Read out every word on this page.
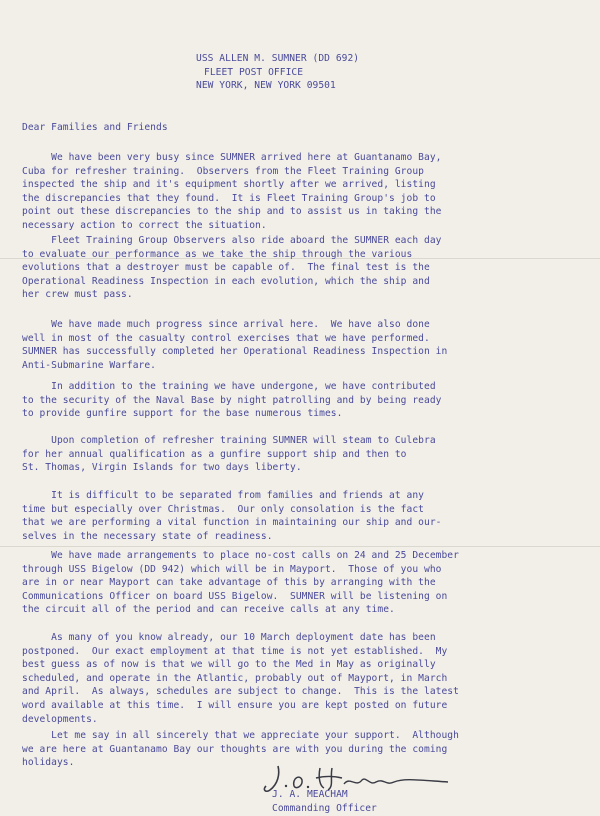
USS ALLEN M. SUMNER (DD 692)
FLEET POST OFFICE
NEW YORK, NEW YORK 09501
Dear Families and Friends
We have been very busy since SUMNER arrived here at Guantanamo Bay,
Cuba for refresher training.  Observers from the Fleet Training Group
inspected the ship and it's equipment shortly after we arrived, listing
the discrepancies that they found.  It is Fleet Training Group's job to
point out these discrepancies to the ship and to assist us in taking the
necessary action to correct the situation.
Fleet Training Group Observers also ride aboard the SUMNER each day
to evaluate our performance as we take the ship through the various
evolutions that a destroyer must be capable of.  The final test is the
Operational Readiness Inspection in each evolution, which the ship and
her crew must pass.
We have made much progress since arrival here.  We have also done
well in most of the casualty control exercises that we have performed.
SUMNER has successfully completed her Operational Readiness Inspection in
Anti-Submarine Warfare.
In addition to the training we have undergone, we have contributed
to the security of the Naval Base by night patrolling and by being ready
to provide gunfire support for the base numerous times.
Upon completion of refresher training SUMNER will steam to Culebra
for her annual qualification as a gunfire support ship and then to
St. Thomas, Virgin Islands for two days liberty.
It is difficult to be separated from families and friends at any
time but especially over Christmas.  Our only consolation is the fact
that we are performing a vital function in maintaining our ship and our-
selves in the necessary state of readiness.
We have made arrangements to place no-cost calls on 24 and 25 December
through USS Bigelow (DD 942) which will be in Mayport.  Those of you who
are in or near Mayport can take advantage of this by arranging with the
Communications Officer on board USS Bigelow.  SUMNER will be listening on
the circuit all of the period and can receive calls at any time.
As many of you know already, our 10 March deployment date has been
postponed.  Our exact employment at that time is not yet established.  My
best guess as of now is that we will go to the Med in May as originally
scheduled, and operate in the Atlantic, probably out of Mayport, in March
and April.  As always, schedules are subject to change.  This is the latest
word available at this time.  I will ensure you are kept posted on future
developments.
Let me say in all sincerely that we appreciate your support.  Although
we are here at Guantanamo Bay our thoughts are with you during the coming
holidays.
J. A. MEACHAM
Commanding Officer
